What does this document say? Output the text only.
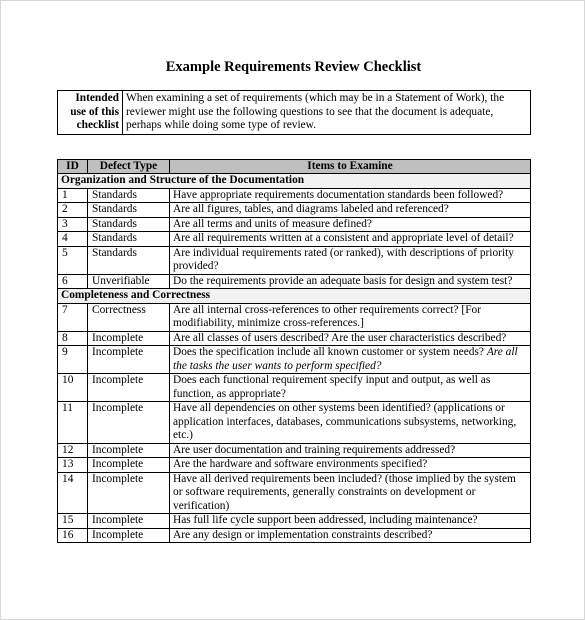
Example Requirements Review Checklist
Intended use of this checklist	When examining a set of requirements (which may be in a Statement of Work), the reviewer might use the following questions to see that the document is adequate, perhaps while doing some type of review.
ID	Defect Type	Items to Examine
Organization and Structure of the Documentation		
1	Standards	Have appropriate requirements documentation standards been followed?
2	Standards	Are all figures, tables, and diagrams labeled and referenced?
3	Standards	Are all terms and units of measure defined?
4	Standards	Are all requirements written at a consistent and appropriate level of detail?
5	Standards	Are individual requirements rated (or ranked), with descriptions of priority provided?
6	Unverifiable	Do the requirements provide an adequate basis for design and system test?
Completeness and Correctness		
7	Correctness	Are all internal cross-references to other requirements correct? [For modifiability, minimize cross-references.]
8	Incomplete	Are all classes of users described? Are the user characteristics described?
9	Incomplete	Does the specification include all known customer or system needs? Are all the tasks the user wants to perform specified?
10	Incomplete	Does each functional requirement specify input and output, as well as function, as appropriate?
11	Incomplete	Have all dependencies on other systems been identified? (applications or application interfaces, databases, communications subsystems, networking, etc.)
12	Incomplete	Are user documentation and training requirements addressed?
13	Incomplete	Are the hardware and software environments specified?
14	Incomplete	Have all derived requirements been included? (those implied by the system or software requirements, generally constraints on development or verification)
15	Incomplete	Has full life cycle support been addressed, including maintenance?
16	Incomplete	Are any design or implementation constraints described?
